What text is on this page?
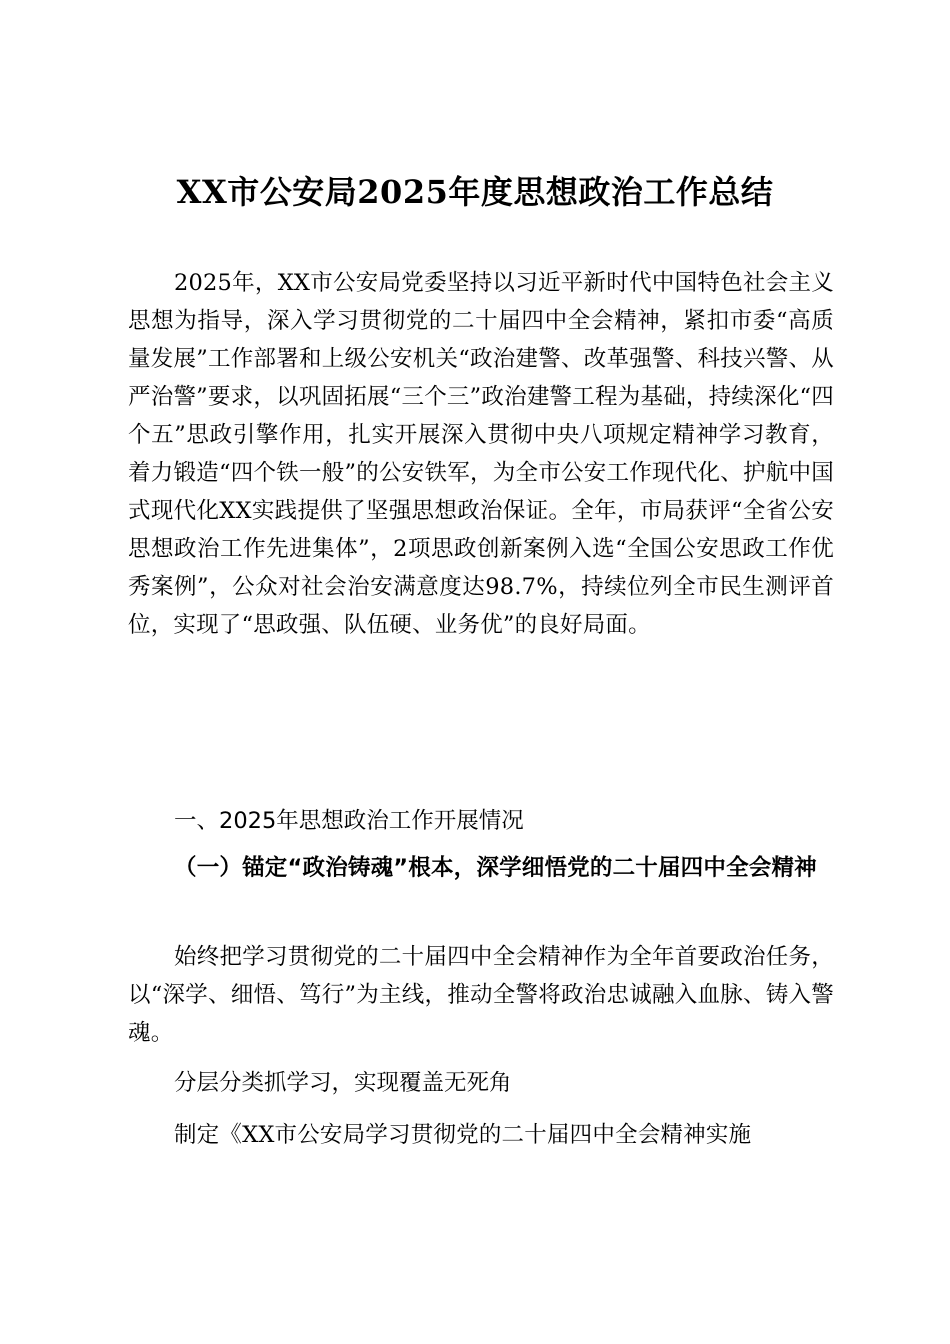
XX市公安局2025年度思想政治工作总结
2025年，XX市公安局党委坚持以习近平新时代中国特色社会主义思想为指导，深入学习贯彻党的二十届四中全会精神，紧扣市委“高质量发展”工作部署和上级公安机关“政治建警、改革强警、科技兴警、从严治警”要求，以巩固拓展“三个三”政治建警工程为基础，持续深化“四个五”思政引擎作用，扎实开展深入贯彻中央八项规定精神学习教育，着力锻造“四个铁一般”的公安铁军，为全市公安工作现代化、护航中国式现代化XX实践提供了坚强思想政治保证。全年，市局获评“全省公安思想政治工作先进集体”，2项思政创新案例入选“全国公安思政工作优秀案例”，公众对社会治安满意度达98.7%，持续位列全市民生测评首位，实现了“思政强、队伍硬、业务优”的良好局面。
一、2025年思想政治工作开展情况
（一）锚定“政治铸魂”根本，深学细悟党的二十届四中全会精神
始终把学习贯彻党的二十届四中全会精神作为全年首要政治任务，以“深学、细悟、笃行”为主线，推动全警将政治忠诚融入血脉、铸入警魂。
分层分类抓学习，实现覆盖无死角
制定《XX市公安局学习贯彻党的二十届四中全会精神实施
